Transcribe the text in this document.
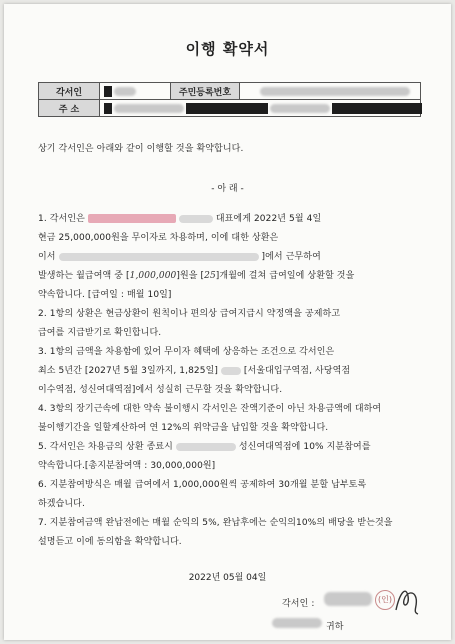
이행 확약서
각서인		주민등록번호	

주 소			
상기 각서인은 아래와 같이 이행할 것을 확약합니다.
- 아 래 -
1. 각서인은	대표에게 2022년 5월 4일
현금 25,000,000원을 무이자로 차용하며, 이에 대한 상환은
이서	]에서 근무하여
발생하는 월급여액 중 [1,000,000]원을 [25]개월에 걸쳐 급여일에 상환할 것을
약속합니다. [급여일 : 매월 10일]
2. 1항의 상환은 현금상환이 원칙이나 편의상 급여지급시 약정액을 공제하고
급여를 지급받기로 확인합니다.
3. 1항의 금액을 차용함에 있어 무이자 혜택에 상응하는 조건으로 각서인은
최소 5년간 [2027년 5월 3일까지, 1,825일]	[서울대입구역점, 사당역점
이수역점, 성신여대역점]에서 성실히 근무할 것을 확약합니다.
4. 3항의 장기근속에 대한 약속 불이행시 각서인은 잔액기준이 아닌 차용금액에 대하여
불이행기간을 일할계산하여 연 12%의 위약금을 납입할 것을 확약합니다.
5. 각서인은 차용금의 상환 종료시	성신여대역점에 10% 지분참여를
약속합니다.[총지분참여액 : 30,000,000원]
6. 지분참여방식은 매월 급여에서 1,000,000원씩 공제하여 30개월 분할 납부토록
하겠습니다.
7. 지분참여금액 완납전에는 매월 순익의 5%, 완납후에는 순익의10%의 배당을 받는것을
설명듣고 이에 동의함을 확약합니다.
2022년 05월 04일
각서인 :	(인)
귀하
